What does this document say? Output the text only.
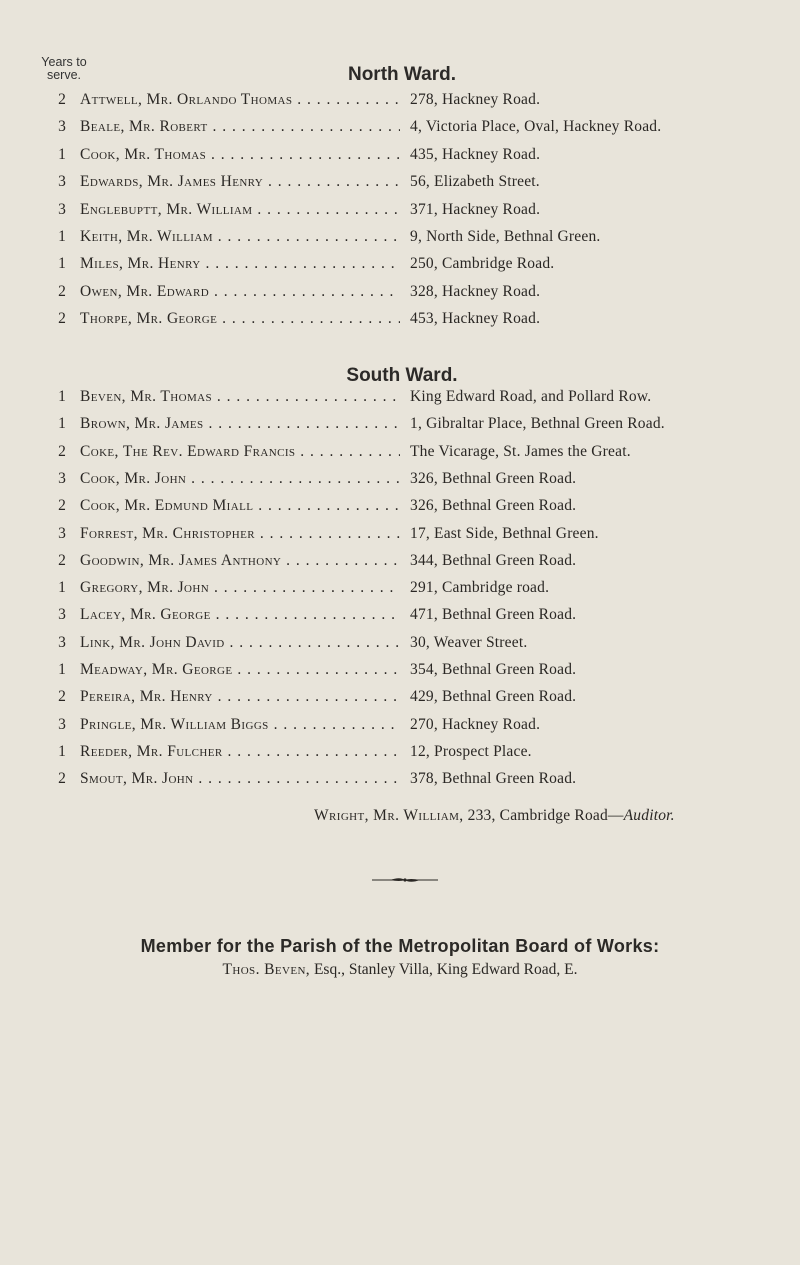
Years to serve.	North Ward.
2 Attwell, Mr. Orlando Thomas . . .	278, Hackney Road.
3 Beale, Mr. Robert . . .	4, Victoria Place, Oval, Hackney Road.
1 Cook, Mr. Thomas . . .	435, Hackney Road.
3 Edwards, Mr. James Henry . . .	56, Elizabeth Street.
3 Englebuртt, Mr. William . . .	371, Hackney Road.
1 Keith, Mr. William . . .	9, North Side, Bethnal Green.
1 Miles, Mr. Henry . . .	250, Cambridge Road.
2 Owen, Mr. Edward . . .	328, Hackney Road.
2 Thorpe, Mr. George . . .	453, Hackney Road.
South Ward.
1 Beven, Mr. Thomas . . .	King Edward Road, and Pollard Row.
1 Brown, Mr. James . . .	1, Gibraltar Place, Bethnal Green Road.
2 Coke, The Rev. Edward Francis . . .	The Vicarage, St. James the Great.
3 Cook, Mr. John . . .	326, Bethnal Green Road.
2 Cook, Mr. Edmund Miall . . .	326, Bethnal Green Road.
3 Forrest, Mr. Christopher . . .	17, East Side, Bethnal Green.
2 Goodwin, Mr. James Anthony . . .	344, Bethnal Green Road.
1 Gregory, Mr. John . . .	291, Cambridge road.
3 Lacey, Mr. George . . .	471, Bethnal Green Road.
3 Link, Mr. John David . . .	30, Weaver Street.
1 Meadway, Mr. George . . .	354, Bethnal Green Road.
2 Pereira, Mr. Henry . . .	429, Bethnal Green Road.
3 Pringle, Mr. William Biggs . . .	270, Hackney Road.
1 Reeder, Mr. Fulcher . . .	12, Prospect Place.
2 Smout, Mr. John . . .	378, Bethnal Green Road.
Wright, Mr. William, 233, Cambridge Road—Auditor.
Member for the Parish of the Metropolitan Board of Works:
Thos. Beven, Esq., Stanley Villa, King Edward Road, E.
